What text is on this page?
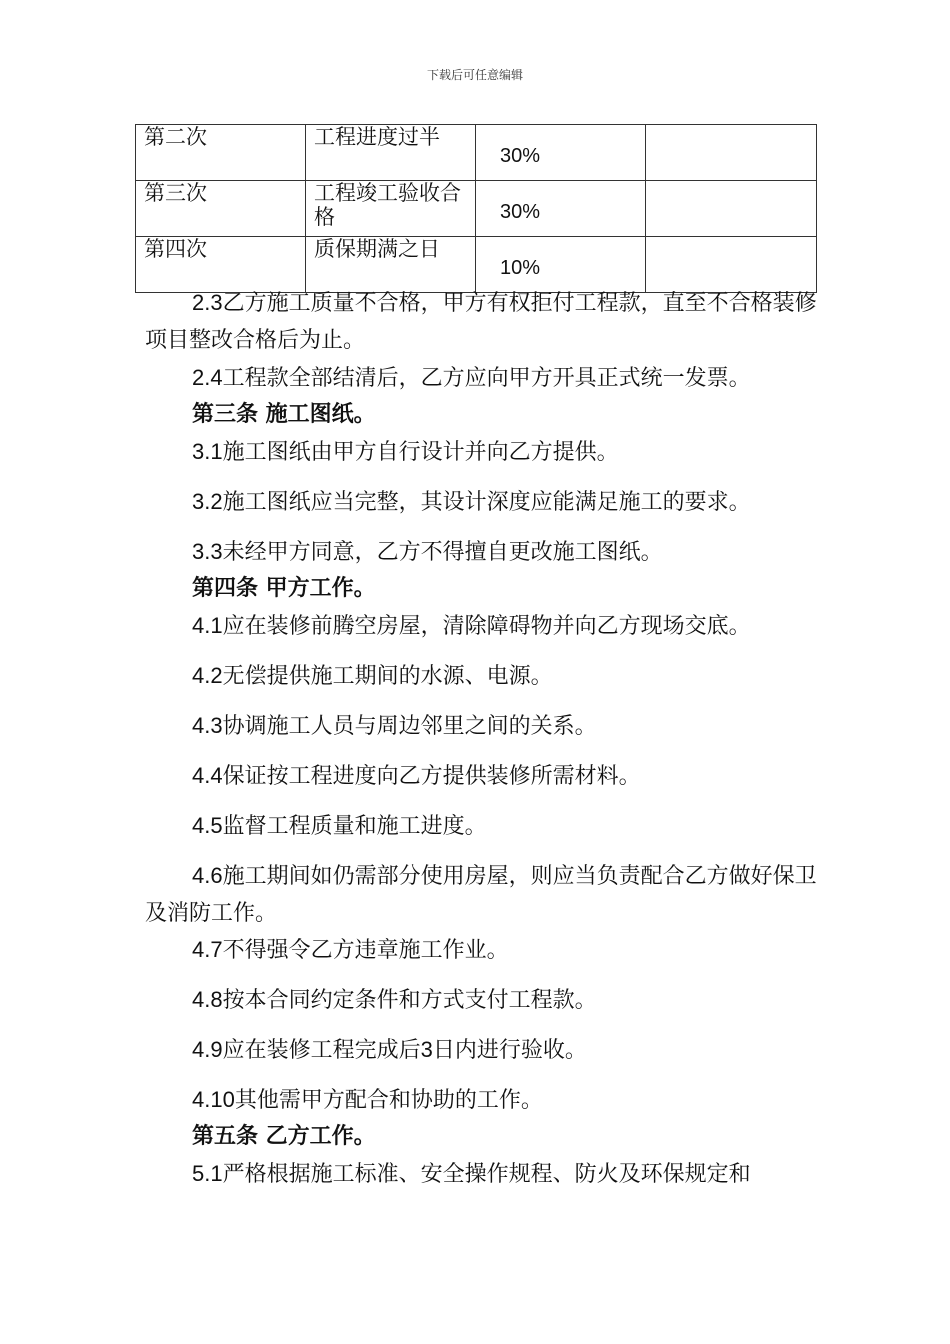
下载后可任意编辑
第二次	工程进度过半	30%	
第三次	工程竣工验收合格	30%	
第四次	质保期满之日	10%	

2.3乙方施工质量不合格，甲方有权拒付工程款，直至不合格装修项目整改合格后为止。

2.4工程款全部结清后，乙方应向甲方开具正式统一发票。

第三条 施工图纸。

3.1施工图纸由甲方自行设计并向乙方提供。

3.2施工图纸应当完整，其设计深度应能满足施工的要求。

3.3未经甲方同意，乙方不得擅自更改施工图纸。

第四条 甲方工作。

4.1应在装修前腾空房屋，清除障碍物并向乙方现场交底。

4.2无偿提供施工期间的水源、电源。

4.3协调施工人员与周边邻里之间的关系。

4.4保证按工程进度向乙方提供装修所需材料。

4.5监督工程质量和施工进度。

4.6施工期间如仍需部分使用房屋，则应当负责配合乙方做好保卫及消防工作。

4.7不得强令乙方违章施工作业。

4.8按本合同约定条件和方式支付工程款。

4.9应在装修工程完成后3日内进行验收。

4.10其他需甲方配合和协助的工作。

第五条 乙方工作。

5.1严格根据施工标准、安全操作规程、防火及环保规定和
